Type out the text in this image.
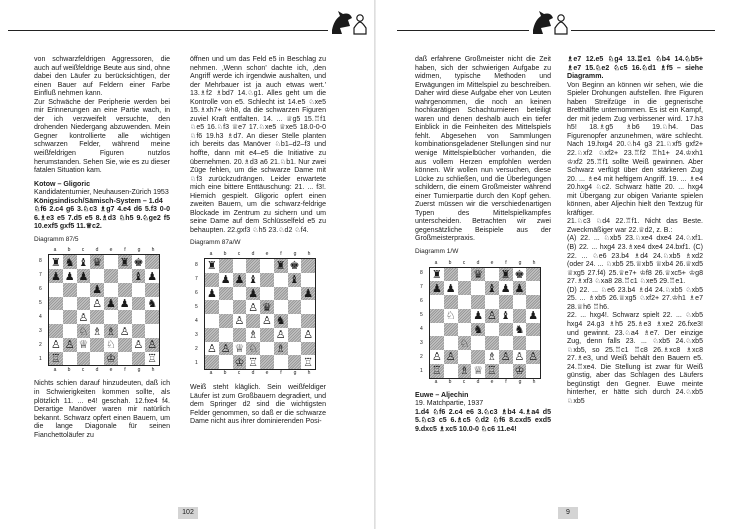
von schwarzfeldrigen Aggressoren, die auch auf weißfeldrige Beute aus sind, ohne dabei den Läufer zu berücksichtigen, der einen Bauer auf Feldern einer Farbe Einfluß nehmen kann.

Zur Schwäche der Peripherie werden bei mir Erinnerungen an eine Partie wach, in der ich verzweifelt versuchte, den drohenden Niedergang abzuwenden. Mein Gegner kontrollierte alle wichtigen schwarzen Felder, während meine weißfeldrigen Figuren nutzlos herumstanden. Sehen Sie, wie es zu dieser fatalen Situation kam.

Kotow – Gligoric

Kandidatenturnier, Neuhausen-Zürich 1953

Königsindisch/Sämisch-System – 1.d4

♘f6 2.c4 g6 3.♘c3 ♗g7 4.e4 d6 5.f3 0-0 6.♗e3 e5 7.d5 e5 8.♗d3 ♘h5 9.♘ge2 f5 10.exf5 gxf5 11.♕c2.

Diagramm 87/5
a	b	c	d	e	f	g	h
8
7
6
5
4
3
2
1
♜ ♞ ♝ ♛ ♜ ♚
♟ ♟ ♟	♝ ♟
♟
♙ ♟ ♟ ♞
♙
♘ ♗ ♗ ♙
♙ ♙ ♕ ♘ ♙ ♙
♖	♔	♖
a	b	c	d	e	f	g	h

Nichts schien darauf hinzudeuten, daß ich in Schwierigkeiten kommen sollte, als plötzlich 11. ... e4! geschah. 12.fxe4 f4. Derartige Manöver waren mir natürlich bekannt. Schwarz opfert einen Bauern, um die lange Diagonale für seinen Fianchettoläufer zu

öffnen und um das Feld e5 in Beschlag zu nehmen. ‚Wenn schon' dachte ich, ‚den Angriff werde ich irgendwie aushalten, und der Mehrbauer ist ja auch etwas wert.' 13.♗f2 ♗bd7 14.♘g1. Alles geht um die Kontrolle von e5. Schlecht ist 14.e5 ♘xe5 15.♗xh7+ ♔h8, da die schwarzen Figuren zuviel Kraft entfalten. 14. ... ♕g5 15.♖f1 ♘e5 16.♘f3 ♕e7 17.♘xe5 ♕xe5 18.0-0-0 ♘f6 19.h3 ♗d7. An dieser Stelle planten ich bereits das Manöver ♘b1–d2–f3 und hoffte, dann mit e4–e5 die Initiative zu übernehmen. 20.♗d3 a6 21.♘b1. Nur zwei Züge fehlen, um die schwarze Dame mit ♘f3 zurückzudrängen. Leider erwartete mich eine bittere Enttäuschung: 21. ... f3!. Hiernich gespielt. Gligoric opfert einen zweiten Bauern, um die schwarz-feldrige Blockade im Zentrum zu sichern und um seine Dame auf dem Schlüsselfeld e5 zu behaupten. 22.gxf3 ♘h5 23.♘d2 ♘f4.

Diagramm 87a/W
a	b	c	d	e	f	g	h
8
7
6
5
4
3
2
1
♜	♜ ♚
♟ ♟ ♝	♝
♟	♟	♟
♙ ♛
♙ ♙ ♞
♗ ♙ ♙
♙ ♙ ♕ ♘ ♗
♔ ♖	♖
a	b	c	d	e	f	g	h

Weiß steht kläglich. Sein weißfeldiger Läufer ist zum Großbauern degradiert, und dem Springer d2 sind die wichtigsten Felder genommen, so daß er die schwarze Dame nicht aus ihrer dominierenden Posi-

102

daß erfahrene Großmeister nicht die Zeit haben, sich der schwierigen Aufgabe zu widmen, typische Methoden und Erwägungen im Mittelspiel zu beschreiben. Daher wird diese Aufgabe eher von Leuten wahrgenommen, die noch an keinen hochkarätigen Schachturnieren beteiligt waren und denen deshalb auch ein tiefer Einblick in die Feinheiten des Mittelspiels fehlt. Abgesehen von Sammlungen kombinationsgeladener Stellungen sind nur wenige Mittelspielbücher vorhanden, die aus vollem Herzen empfohlen werden können. Wir wollen nun versuchen, diese Lücke zu schließen, und die Überlegungen schildern, die einem Großmeister während einer Turnierpartie durch den Kopf gehen. Zuerst müssen wir die verschiedenartigen Typen des Mittelspielkampfes unterscheiden. Betrachten wir zwei gegensätzliche Beispiele aus der Großmeisterpraxis.

Diagramm 1/W
a	b	c	d	e	f	g	h
8
7
6
5
4
3
2
1
♜	♛ ♜ ♚
♟ ♟	♝ ♟ ♟
♘ ♟ ♙ ♝ ♟
♞	♞
♘
♙ ♙	♗ ♙ ♙ ♙
♖ ♗ ♕ ♖ ♔
a	b	c	d	e	f	g	h

Euwe – Aljechin

19. Matchpartie, 1937

1.d4 ♘f6 2.c4 e6 3.♘c3 ♗b4 4.♗a4 d5 5.♘c3 c5 6.♗c5 ♘d2 ♘f6 8.cxd5 exd5 9.dxc5 ♗xc5 10.0-0 ♘c6 11.e4!

♗e7 12.e5 ♘g4 13.♖e1 ♘b4 14.♘b5+ ♗e7 15.♘e2 ♘c5 16.♘d1 ♗f5 – siehe Diagramm.

Von Beginn an können wir sehen, wie die Spieler Drohungen aufstellen. Ihre Figuren haben Streifzüge in die gegnerische Bretthälfte unternommen. Es ist ein Kampf, der mit jedem Zug verbissener wird. 17.h3 h5! 18.♗g5 ♗b6 19.♘h4. Das Figurenopfer anzunehmen, wäre schlecht. Nach 19.hxg4 20.♘h4 g3 21.♘xf5 gxf2+ 22.♘xf2 ♘xf2+ 23.♖f2 ♖h1+ 24.♔xh1 ♔xf2 25.♖f1 sollte Weiß gewinnen. Aber Schwarz verfügt über den stärkeren Zug 20. ... ♗e4 mit heftigem Angriff. 19. ... ♗e4 20.hxg4 ♘c2. Schwarz hätte 20. ... hxg4 mit Übergang zur obigen Variante spielen können, aber Aljechin hielt den Textzug für kräftiger.

21.♘c3 ♘d4 22.♖f1. Nicht das Beste. Zweckmäßiger war 22.♕d2, z. B.:

(A) 22. ... ♘xb5 23.♘xe4 dxe4 24.♘xf1. (B) 22. ... hxg4 23.♗xe4 dxe4 24.bxf1. (C) 22. ... ♘e6 23.b4 ♗d4 24.♘xb5 ♗xd2 (oder 24. ... ♘xb5 25.♕xb5 ♕xb4 26.♕xd5 ♕xg5 27.f4) 25.♕e7+ ♔f8 26.♕xc5+ ♔g8 27.♗xf3 ♘xa8 28.♖c1 ♘xe5 29.♖e1.

(D) 22. ... ♘e6 23.b4 ♗d4 24.♘xb5 ♘xb5 25. ... ♗xb5 26.♕xg5 ♘xf2+ 27.♔h1 ♗e7 28.♕h6 ♖h6.

22. ... hxg4!. Schwarz spielt 22. ... ♘xb5 hxg4 24.g3 ♗h5 25.♗e3 ♗xe2 26.fxe3! und gewinnt. 23.♘a4 ♗e7. Der einzige Zug, denn falls 23. ... ♘xb5 24.♘xb5 ♘xb5, so 25.♖c1 ♖c8 26.♗xc8 ♗xc8 27.♗e3, und Weiß behält den Bauern e5. 24.♖xe4. Die Stellung ist zwar für Weiß günstig, aber das Schlagen des Läufers begünstigt den Gegner. Euwe meinte hinterher, er hätte sich durch 24.♘xb5 ♘xb5

9
